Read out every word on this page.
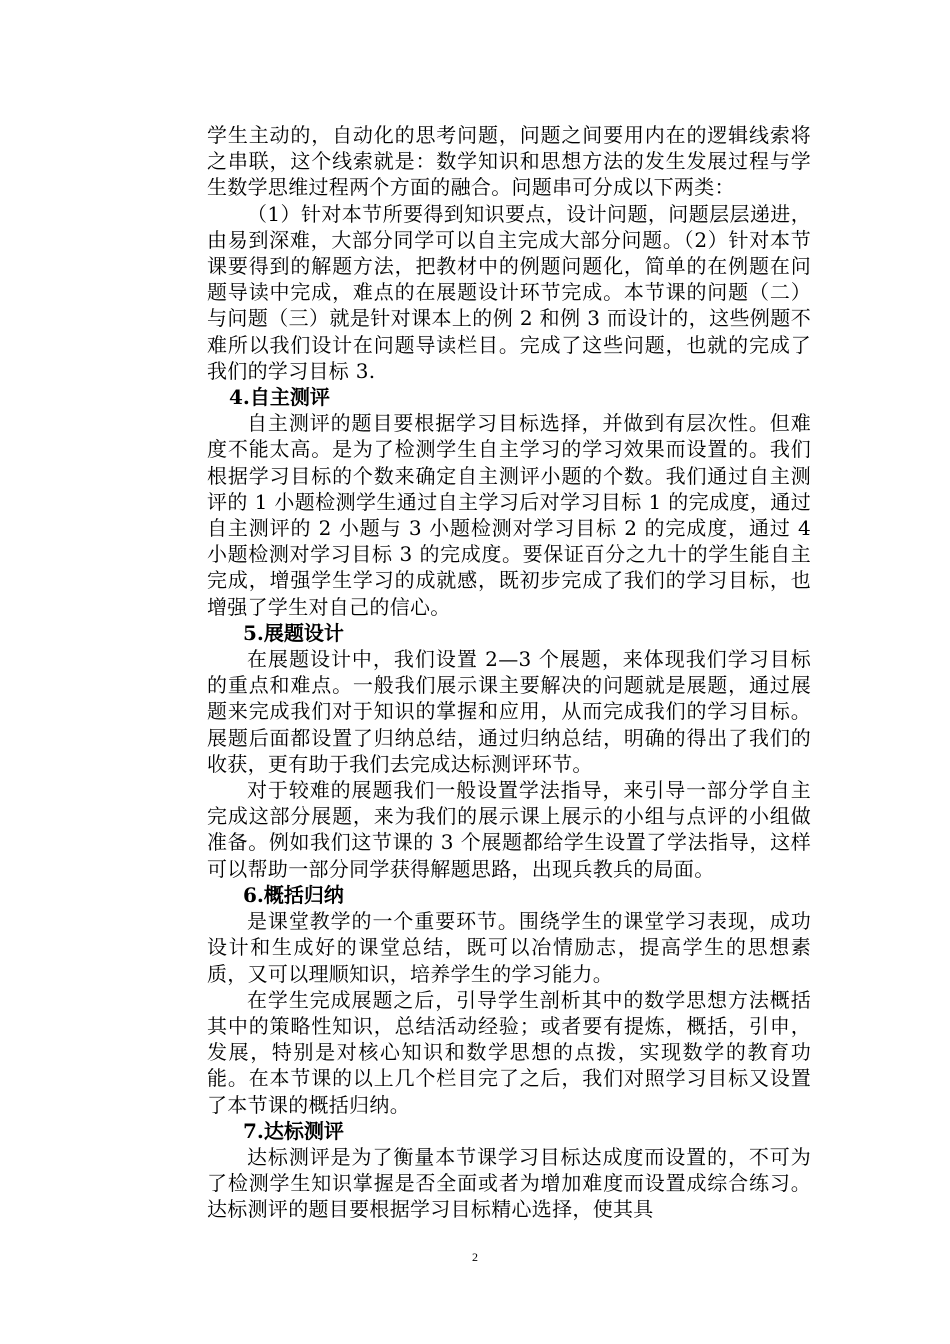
学生主动的，自动化的思考问题，问题之间要用内在的逻辑线索将之串联，这个线索就是：数学知识和思想方法的发生发展过程与学生数学思维过程两个方面的融合。问题串可分成以下两类：

（1）针对本节所要得到知识要点，设计问题，问题层层递进，由易到深难，大部分同学可以自主完成大部分问题。（2）针对本节课要得到的解题方法，把教材中的例题问题化，简单的在例题在问题导读中完成，难点的在展题设计环节完成。本节课的问题（二）与问题（三）就是针对课本上的例 2 和例 3 而设计的，这些例题不难所以我们设计在问题导读栏目。完成了这些问题，也就的完成了我们的学习目标 3.

4.自主测评

自主测评的题目要根据学习目标选择，并做到有层次性。但难度不能太高。是为了检测学生自主学习的学习效果而设置的。我们根据学习目标的个数来确定自主测评小题的个数。我们通过自主测评的 1 小题检测学生通过自主学习后对学习目标 1 的完成度，通过自主测评的 2 小题与 3 小题检测对学习目标 2 的完成度，通过 4 小题检测对学习目标 3 的完成度。要保证百分之九十的学生能自主完成，增强学生学习的成就感，既初步完成了我们的学习目标，也增强了学生对自己的信心。

5.展题设计

在展题设计中，我们设置 2—3 个展题，来体现我们学习目标的重点和难点。一般我们展示课主要解决的问题就是展题，通过展题来完成我们对于知识的掌握和应用，从而完成我们的学习目标。展题后面都设置了归纳总结，通过归纳总结，明确的得出了我们的收获，更有助于我们去完成达标测评环节。

对于较难的展题我们一般设置学法指导，来引导一部分学自主完成这部分展题，来为我们的展示课上展示的小组与点评的小组做准备。例如我们这节课的 3 个展题都给学生设置了学法指导，这样可以帮助一部分同学获得解题思路，出现兵教兵的局面。

6.概括归纳

是课堂教学的一个重要环节。围绕学生的课堂学习表现，成功设计和生成好的课堂总结，既可以冶情励志，提高学生的思想素质，又可以理顺知识，培养学生的学习能力。

在学生完成展题之后，引导学生剖析其中的数学思想方法概括其中的策略性知识，总结活动经验；或者要有提炼，概括，引申，发展，特别是对核心知识和数学思想的点拨，实现数学的教育功能。在本节课的以上几个栏目完了之后，我们对照学习目标又设置了本节课的概括归纳。

7.达标测评

达标测评是为了衡量本节课学习目标达成度而设置的，不可为了检测学生知识掌握是否全面或者为增加难度而设置成综合练习。达标测评的题目要根据学习目标精心选择，使其具

2
